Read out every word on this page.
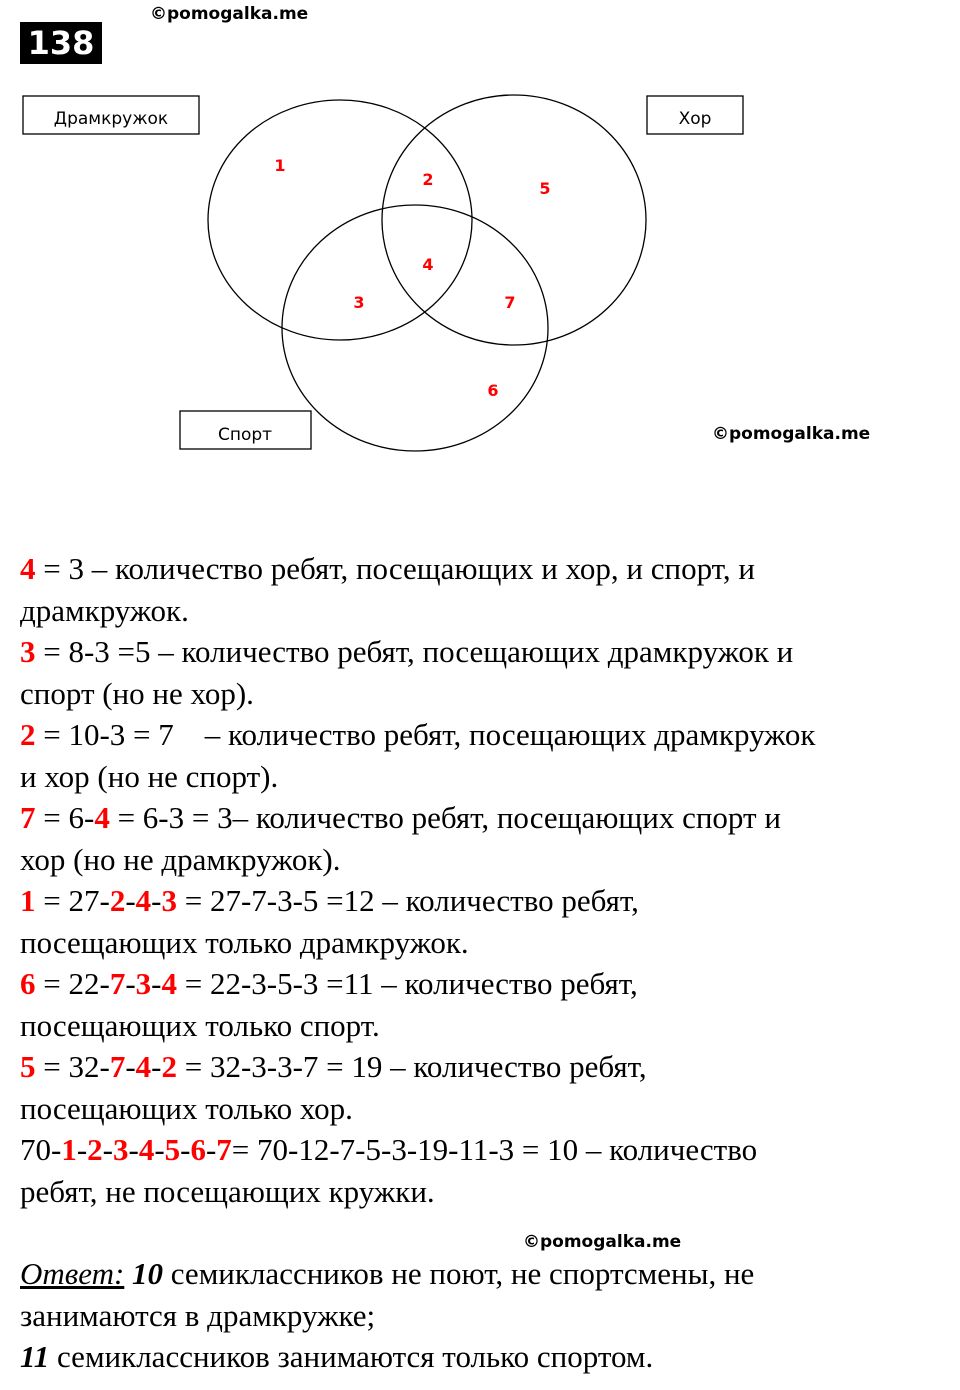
138
©pomogalka.me
Драмкружок	Хор
Спорт
1
2
3
4
5
6
7
©pomogalka.me
4 = 3 – количество ребят, посещающих и хор, и спорт, и
драмкружок.
3 = 8-3 =5 – количество ребят, посещающих драмкружок и
спорт (но не хор).
2 = 10-3 = 7    – количество ребят, посещающих драмкружок
и хор (но не спорт).
7 = 6-4 = 6-3 = 3– количество ребят, посещающих спорт и
хор (но не драмкружок).
1 = 27-2-4-3 = 27-7-3-5 =12 – количество ребят,
посещающих только драмкружок.
6 = 22-7-3-4 = 22-3-5-3 =11 – количество ребят,
посещающих только спорт.
5 = 32-7-4-2 = 32-3-3-7 = 19 – количество ребят,
посещающих только хор.
70-1-2-3-4-5-6-7= 70-12-7-5-3-19-11-3 = 10 – количество
ребят, не посещающих кружки.
©pomogalka.me
Ответ: 10 семиклассников не поют, не спортсмены, не
занимаются в драмкружке;
11 семиклассников занимаются только спортом.
